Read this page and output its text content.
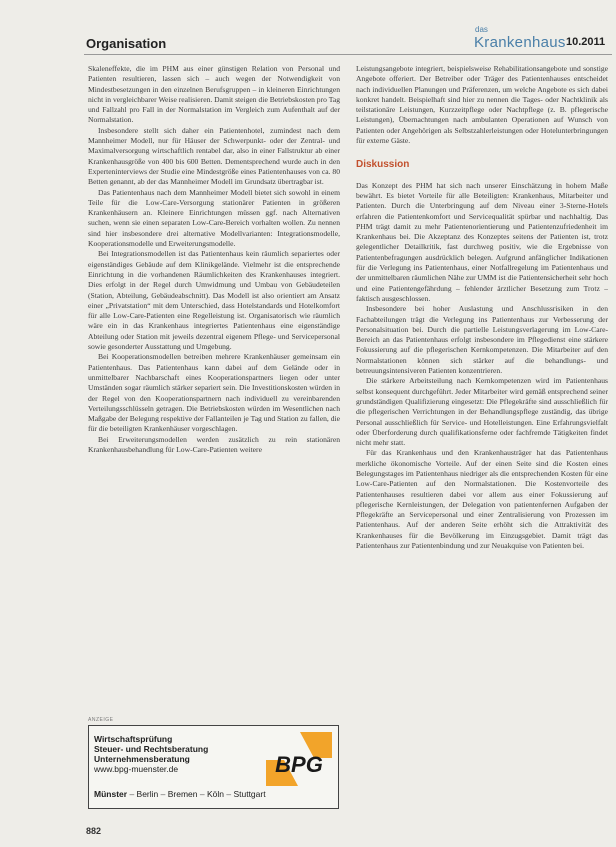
Organisation
das
Krankenhaus 10.2011

Skaleneffekte, die im PHM aus einer günstigen Relation von Personal und Patienten resultieren, lassen sich – auch wegen der Notwendigkeit von Mindestbesetzungen in den einzelnen Berufsgruppen – in kleineren Einrichtungen nicht in vergleichbarer Weise realisieren. Damit steigen die Betriebskosten pro Tag und Fallzahl pro Fall in der Normalstation im Vergleich zum Aufenthalt auf der Normalstation.

Insbesondere stellt sich daher ein Patientenhotel, zumindest nach dem Mannheimer Modell, nur für Häuser der Schwerpunkt- oder der Zentral- und Maximalversorgung wirtschaftlich rentabel dar, also in einer Fallstruktur ab einer Krankenhausgröße von 400 bis 600 Betten. Dementsprechend wurde auch in den Experteninterviews der Studie eine Mindestgröße eines Patientenhauses von ca. 80 Betten genannt, ab der das Mannheimer Modell im Grundsatz übertragbar ist.

Das Patientenhaus nach dem Mannheimer Modell bietet sich sowohl in einem Teile für die Low-Care-Versorgung stationärer Patienten in größeren Krankenhäusern an. Kleinere Einrichtungen müssen ggf. nach Alternativen suchen, wenn sie einen separaten Low-Care-Bereich vorhalten wollen. Zu nennen sind hier insbesondere drei alternative Modellvarianten: Integrationsmodelle, Kooperationsmodelle und Erweiterungsmodelle.

Bei Integrationsmodellen ist das Patientenhaus kein räumlich separiertes oder eigenständiges Gebäude auf dem Klinikgelände. Vielmehr ist die entsprechende Einrichtung in die vorhandenen Räumlichkeiten des Krankenhauses integriert. Dies erfolgt in der Regel durch Umwidmung und Umbau von Gebäudeteilen (Station, Abteilung, Gebäudeabschnitt). Das Modell ist also orientiert am Ansatz einer „Privatstation“ mit dem Unterschied, dass Hotelstandards und Hotelkomfort für alle Low-Care-Patienten eine Regelleistung ist. Organisatorisch wie räumlich wäre ein in das Krankenhaus integriertes Patientenhaus eine eigenständige Abteilung oder Station mit jeweils dezentral eigenem Pflege- und Servicepersonal sowie gesonderter Ausstattung und Umgebung.

Bei Kooperationsmodellen betreiben mehrere Krankenhäuser gemeinsam ein Patientenhaus. Das Patientenhaus kann dabei auf dem Gelände oder in unmittelbarer Nachbarschaft eines Kooperationspartners liegen oder unter Umständen sogar räumlich stärker separiert sein. Die Investitionskosten würden in der Regel von den Kooperationspartnern nach individuell zu vereinbarenden Verteilungsschlüsseln getragen. Die Betriebskosten würden im Wesentlichen nach Maßgabe der Belegung respektive der Fallanteilen je Tag und Station zu fallen, die für die beteiligten Krankenhäuser vorgeschlagen.

Bei Erweiterungsmodellen werden zusätzlich zu rein stationären Krankenhausbehandlung für Low-Care-Patienten weitere

Leistungsangebote integriert, beispielsweise Rehabilitationsangebote und sonstige Angebote offeriert. Der Betreiber oder Träger des Patientenhauses entscheidet nach individuellen Planungen und Präferenzen, um welche Angebote es sich dabei konkret handelt. Beispielhaft sind hier zu nennen die Tages- oder Nachtklinik als teilstationäre Leistungen, Kurzzeitpflege oder Nachtpflege (z. B. pflegerische Leistungen), Übernachtungen nach ambulanten Operationen auf Wunsch von Patienten oder Angehörigen als Selbstzahlerleistungen oder Hotelunterbringungen für externe Gäste.

Diskussion

Das Konzept des PHM hat sich nach unserer Einschätzung in hohem Maße bewährt. Es bietet Vorteile für alle Beteiligten: Krankenhaus, Mitarbeiter und Patienten. Durch die Unterbringung auf dem Niveau einer 3-Sterne-Hotels erfahren die Patientenkomfort und Servicequalität spürbar und nachhaltig. Das PHM trägt damit zu mehr Patientenorientierung und Patientenzufriedenheit im Krankenhaus bei. Die Akzeptanz des Konzeptes seitens der Patienten ist, trotz gelegentlicher Detailkritik, fast durchweg positiv, wie die Ergebnisse von Patientenbefragungen ausdrücklich belegen. Aufgrund anfänglicher Indikationen für die Verlegung ins Patientenhaus, einer Notfallregelung im Patientenhaus und der unmittelbaren räumlichen Nähe zur UMM ist die Patientensicherheit sehr hoch und eine Patientengefährdung – fehlender ärztlicher Besetzung zum Trotz – faktisch ausgeschlossen.

Insbesondere bei hoher Auslastung und Anschlussrisiken in den Fachabteilungen trägt die Verlegung ins Patientenhaus zur Verbesserung der Personalsituation bei. Durch die partielle Leistungsverlagerung im Low-Care-Bereich an das Patientenhaus erfolgt insbesondere im Pflegedienst eine stärkere Fokussierung auf die pflegerischen Kernkompetenzen. Die Mitarbeiter auf den Normalstationen können sich stärker auf die behandlungs- und betreuungsintensiveren Patienten konzentrieren.

Die stärkere Arbeitsteilung nach Kernkompetenzen wird im Patientenhaus selbst konsequent durchgeführt. Jeder Mitarbeiter wird gemäß entsprechend seiner grundständigen Qualifizierung eingesetzt: Die Pflegekräfte sind ausschließlich für die pflegerischen Verrichtungen in der Behandlungspflege zuständig, das übrige Personal ausschließlich für Service- und Hotelleistungen. Eine Erfahrungsvielfalt oder Überforderung durch qualifikationsferne oder fachfremde Tätigkeiten findet nicht mehr statt.

Für das Krankenhaus und den Krankenhausträger hat das Patientenhaus merkliche ökonomische Vorteile. Auf der einen Seite sind die Kosten eines Belegungstages im Patientenhaus niedriger als die entsprechenden Kosten für eine Low-Care-Patienten auf den Normalstationen. Die Kostenvorteile des Patientenhauses resultieren dabei vor allem aus einer Fokussierung auf pflegerische Kernleistungen, der Delegation von patientenfernen Aufgaben der Pflegekräfte an Servicepersonal und einer Zentralisierung von Prozessen im Patientenhaus. Auf der anderen Seite erhöht sich die Attraktivität des Krankenhauses für die Bevölkerung im Einzugsgebiet. Damit trägt das Patientenhaus zur Patientenbindung und zur Neuakquise von Patienten bei.

ANZEIGE
Wirtschaftsprüfung
Steuer- und Rechtsberatung
Unternehmensberatung
www.bpg-muenster.de	BPG
Münster – Berlin – Bremen – Köln – Stuttgart
882
